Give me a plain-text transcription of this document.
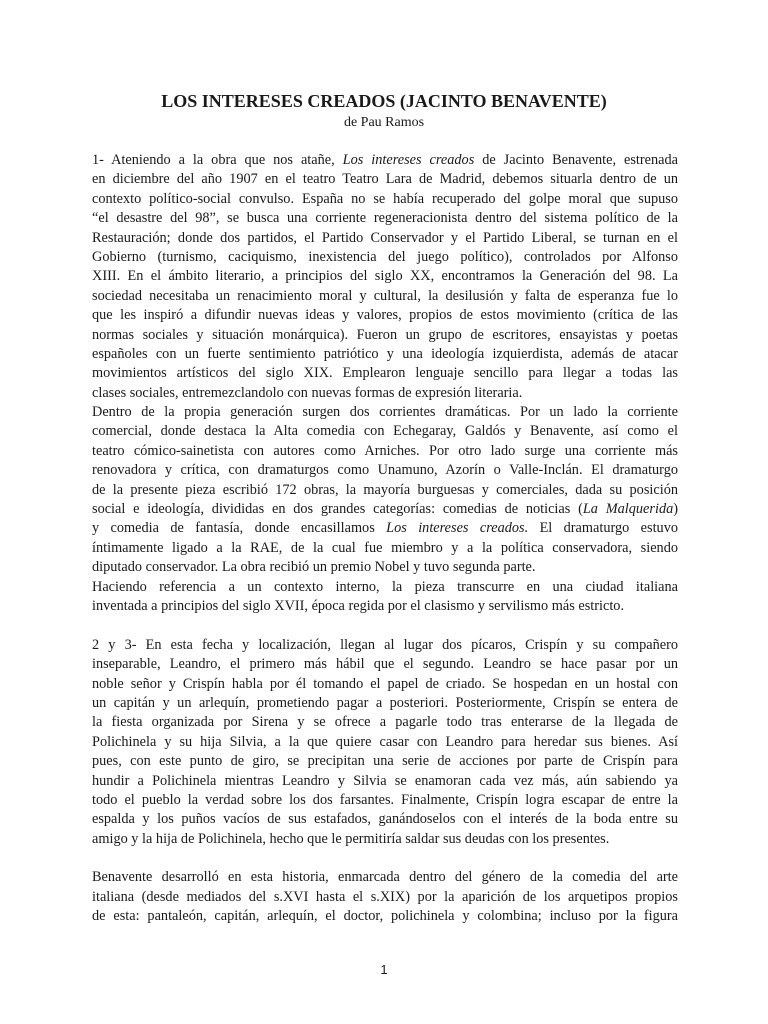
LOS INTERESES CREADOS (JACINTO BENAVENTE)

de Pau Ramos

1- Ateniendo a la obra que nos atañe, Los intereses creados de Jacinto Benavente, estrenada
en diciembre del año 1907 en el teatro Teatro Lara de Madrid, debemos situarla dentro de un
contexto político-social convulso. España no se había recuperado del golpe moral que supuso
“el desastre del 98”, se busca una corriente regeneracionista dentro del sistema político de la
Restauración; donde dos partidos, el Partido Conservador y el Partido Liberal, se turnan en el
Gobierno (turnismo, caciquismo, inexistencia del juego político), controlados por Alfonso
XIII. En el ámbito literario, a principios del siglo XX, encontramos la Generación del 98. La
sociedad necesitaba un renacimiento moral y cultural, la desilusión y falta de esperanza fue lo
que les inspiró a difundir nuevas ideas y valores, propios de estos movimiento (crítica de las
normas sociales y situación monárquica). Fueron un grupo de escritores, ensayistas y poetas
españoles con un fuerte sentimiento patriótico y una ideología izquierdista, además de atacar
movimientos artísticos del siglo XIX. Emplearon lenguaje sencillo para llegar a todas las
clases sociales, entremezclandolo con nuevas formas de expresión literaria.
Dentro de la propia generación surgen dos corrientes dramáticas. Por un lado la corriente
comercial, donde destaca la Alta comedia con Echegaray, Galdós y Benavente, así como el
teatro cómico-sainetista con autores como Arniches. Por otro lado surge una corriente más
renovadora y crítica, con dramaturgos como Unamuno, Azorín o Valle-Inclán. El dramaturgo
de la presente pieza escribió 172 obras, la mayoría burguesas y comerciales, dada su posición
social e ideología, divididas en dos grandes categorías: comedias de noticias (La Malquerida)
y comedia de fantasía, donde encasillamos Los intereses creados. El dramaturgo estuvo
íntimamente ligado a la RAE, de la cual fue miembro y a la política conservadora, siendo
diputado conservador. La obra recibió un premio Nobel y tuvo segunda parte.
Haciendo referencia a un contexto interno, la pieza transcurre en una ciudad italiana
inventada a principios del siglo XVII, época regida por el clasismo y servilismo más estricto.
2 y 3- En esta fecha y localización, llegan al lugar dos pícaros, Crispín y su compañero
inseparable, Leandro, el primero más hábil que el segundo. Leandro se hace pasar por un
noble señor y Crispín habla por él tomando el papel de criado. Se hospedan en un hostal con
un capitán y un arlequín, prometiendo pagar a posteriori. Posteriormente, Crispín se entera de
la fiesta organizada por Sirena y se ofrece a pagarle todo tras enterarse de la llegada de
Polichinela y su hija Silvia, a la que quiere casar con Leandro para heredar sus bienes. Así
pues, con este punto de giro, se precipitan una serie de acciones por parte de Crispín para
hundir a Polichinela mientras Leandro y Silvia se enamoran cada vez más, aún sabiendo ya
todo el pueblo la verdad sobre los dos farsantes. Finalmente, Crispín logra escapar de entre la
espalda y los puños vacíos de sus estafados, ganándoselos con el interés de la boda entre su
amigo y la hija de Polichinela, hecho que le permitiría saldar sus deudas con los presentes.
Benavente desarrolló en esta historia, enmarcada dentro del género de la comedia del arte
italiana (desde mediados del s.XVI hasta el s.XIX) por la aparición de los arquetipos propios
de esta: pantaleón, capitán, arlequín, el doctor, polichinela y colombina; incluso por la figura
1
